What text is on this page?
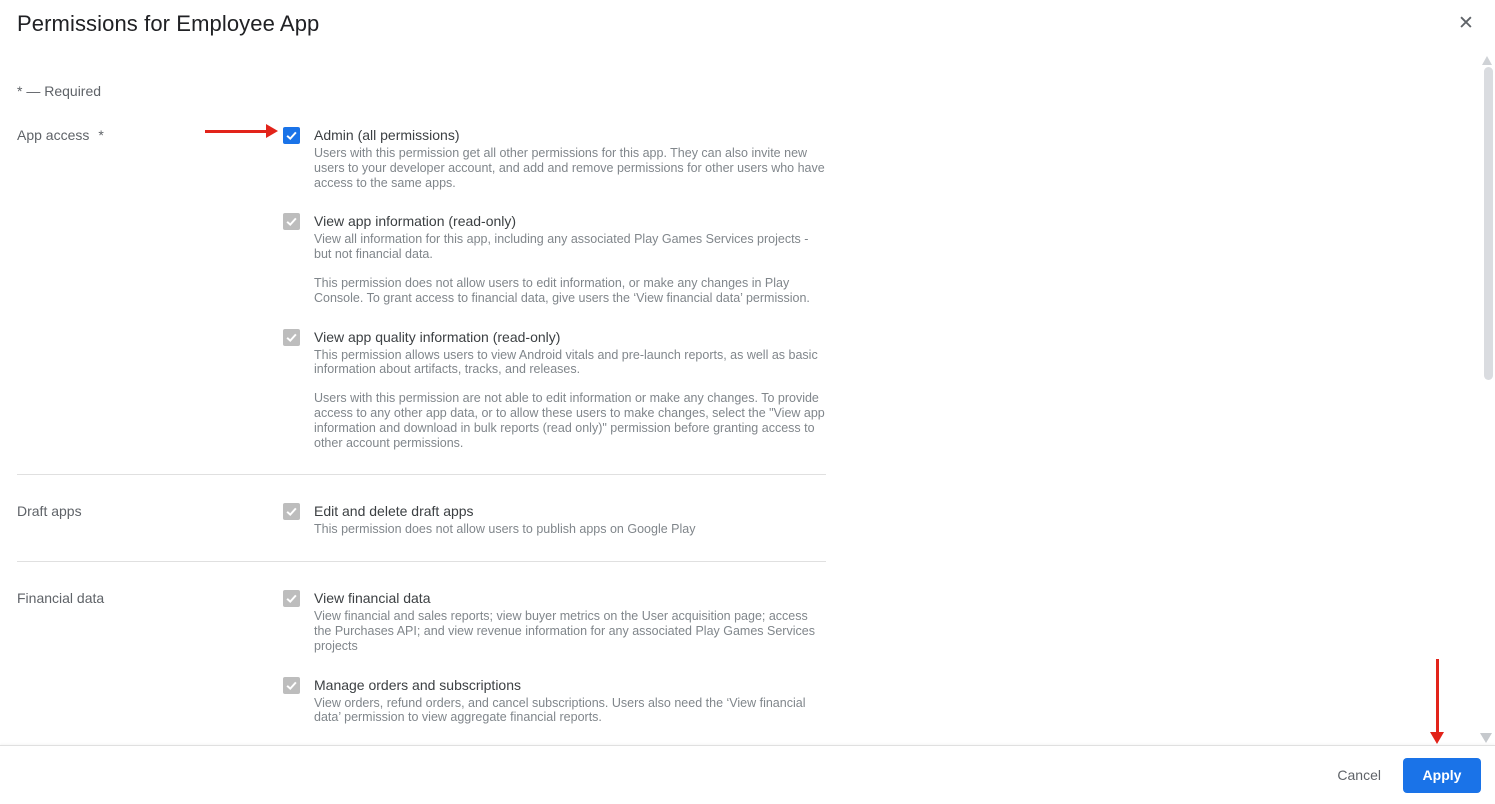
Permissions for Employee App	✕
* — Required
App access *	Admin (all permissions)
Users with this permission get all other permissions for this app. They can also invite new users to your developer account, and add and remove permissions for other users who have access to the same apps.
View app information (read-only)
View all information for this app, including any associated Play Games Services projects - but not financial data.
This permission does not allow users to edit information, or make any changes in Play Console. To grant access to financial data, give users the ‘View financial data’ permission.
View app quality information (read-only)
This permission allows users to view Android vitals and pre-launch reports, as well as basic information about artifacts, tracks, and releases.
Users with this permission are not able to edit information or make any changes. To provide access to any other app data, or to allow these users to make changes, select the "View app information and download in bulk reports (read only)" permission before granting access to other account permissions.
Draft apps	Edit and delete draft apps
This permission does not allow users to publish apps on Google Play
Financial data	View financial data
View financial and sales reports; view buyer metrics on the User acquisition page; access the Purchases API; and view revenue information for any associated Play Games Services projects
Manage orders and subscriptions
View orders, refund orders, and cancel subscriptions. Users also need the ‘View financial data’ permission to view aggregate financial reports.
Cancel	Apply
